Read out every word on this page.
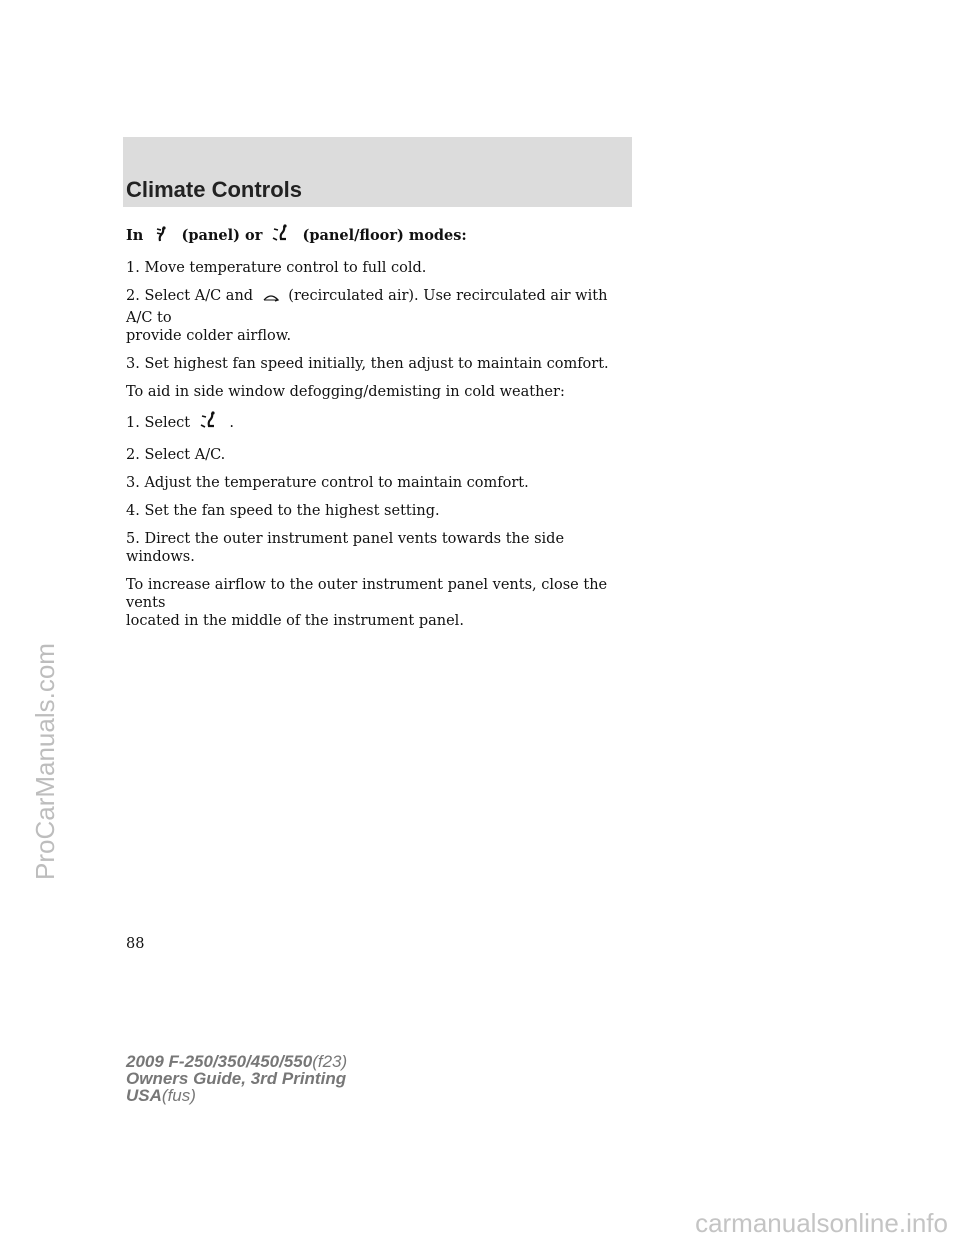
Climate Controls

In	(panel) or	(panel/floor) modes:

1. Move temperature control to full cold.

2. Select A/C and (recirculated air). Use recirculated air with A/C to
provide colder airflow.

3. Set highest fan speed initially, then adjust to maintain comfort.

To aid in side window defogging/demisting in cold weather:

1. Select	.

2. Select A/C.

3. Adjust the temperature control to maintain comfort.

4. Set the fan speed to the highest setting.

5. Direct the outer instrument panel vents towards the side windows.

To increase airflow to the outer instrument panel vents, close the vents
located in the middle of the instrument panel.

88
2009 F-250/350/450/550(f23)
Owners Guide, 3rd Printing
USA(fus)
ProCarManuals.com
carmanualsonline.info
